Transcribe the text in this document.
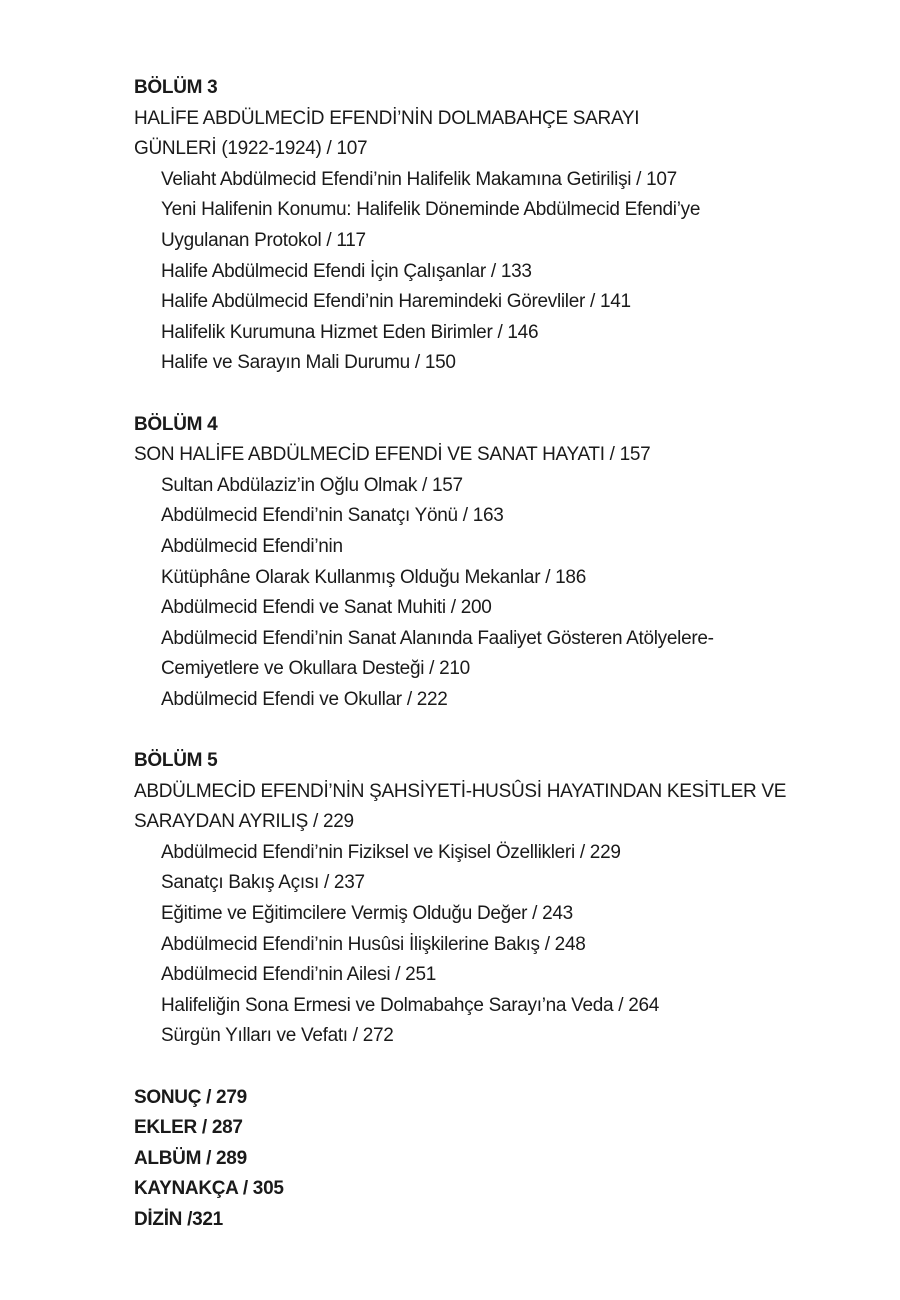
BÖLÜM 3
HALİFE ABDÜLMECİD EFENDİ’NİN DOLMABAHÇE SARAYI
GÜNLERİ (1922-1924) / 107
Veliaht Abdülmecid Efendi’nin Halifelik Makamına Getirilişi / 107
Yeni Halifenin Konumu: Halifelik Döneminde Abdülmecid Efendi’ye
Uygulanan Protokol / 117
Halife Abdülmecid Efendi İçin Çalışanlar / 133
Halife Abdülmecid Efendi’nin Haremindeki Görevliler / 141
Halifelik Kurumuna Hizmet Eden Birimler / 146
Halife ve Sarayın Mali Durumu / 150
BÖLÜM 4
SON HALİFE ABDÜLMECİD EFENDİ VE SANAT HAYATI / 157
Sultan Abdülaziz’in Oğlu Olmak / 157
Abdülmecid Efendi’nin Sanatçı Yönü / 163
Abdülmecid Efendi’nin
Kütüphâne Olarak Kullanmış Olduğu Mekanlar / 186
Abdülmecid Efendi ve Sanat Muhiti / 200
Abdülmecid Efendi’nin Sanat Alanında Faaliyet Gösteren Atölyelere-
Cemiyetlere ve Okullara Desteği / 210
Abdülmecid Efendi ve Okullar / 222
BÖLÜM 5
ABDÜLMECİD EFENDİ’NİN ŞAHSİYETİ-HUSÛSİ HAYATINDAN KESİTLER VE
SARAYDAN AYRILIŞ / 229
Abdülmecid Efendi’nin Fiziksel ve Kişisel Özellikleri / 229
Sanatçı Bakış Açısı / 237
Eğitime ve Eğitimcilere Vermiş Olduğu Değer / 243
Abdülmecid Efendi’nin Husûsi İlişkilerine Bakış / 248
Abdülmecid Efendi’nin Ailesi / 251
Halifeliğin Sona Ermesi ve Dolmabahçe Sarayı’na Veda / 264
Sürgün Yılları ve Vefatı / 272
SONUÇ / 279
EKLER / 287
ALBÜM / 289
KAYNAKÇA / 305
DİZİN /321
